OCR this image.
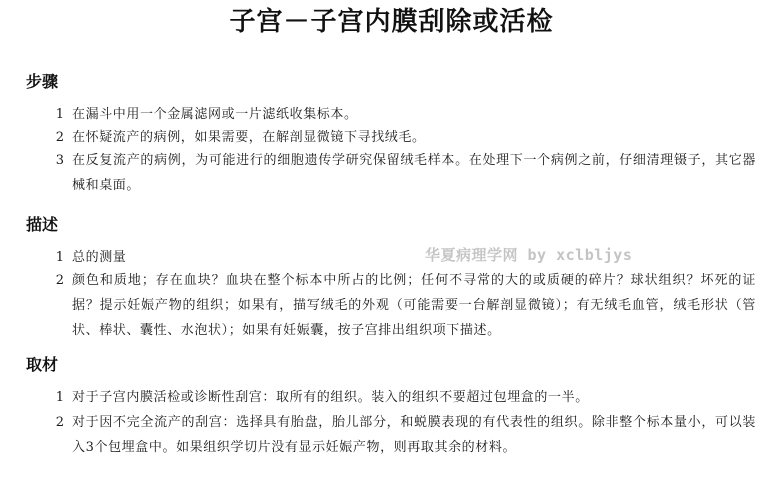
子宫－子宫内膜刮除或活检
步骤
1 在漏斗中用一个金属滤网或一片滤纸收集标本。
2 在怀疑流产的病例，如果需要，在解剖显微镜下寻找绒毛。
3 在反复流产的病例，为可能进行的细胞遗传学研究保留绒毛样本。在处理下一个病例之前，仔细清理镊子，其它器械和桌面。
描述
1 总的测量
2 颜色和质地；存在血块？血块在整个标本中所占的比例；任何不寻常的大的或质硬的碎片？球状组织？坏死的证据？提示妊娠产物的组织；如果有，描写绒毛的外观（可能需要一台解剖显微镜）；有无绒毛血管，绒毛形状（管状、棒状、囊性、水泡状）；如果有妊娠囊，按子宫排出组织项下描述。
取材
1 对于子宫内膜活检或诊断性刮宫：取所有的组织。装入的组织不要超过包埋盒的一半。
2 对于因不完全流产的刮宫：选择具有胎盘，胎儿部分，和蜕膜表现的有代表性的组织。除非整个标本量小，可以装入3个包埋盒中。如果组织学切片没有显示妊娠产物，则再取其余的材料。
华夏病理学网 by xclbljys
